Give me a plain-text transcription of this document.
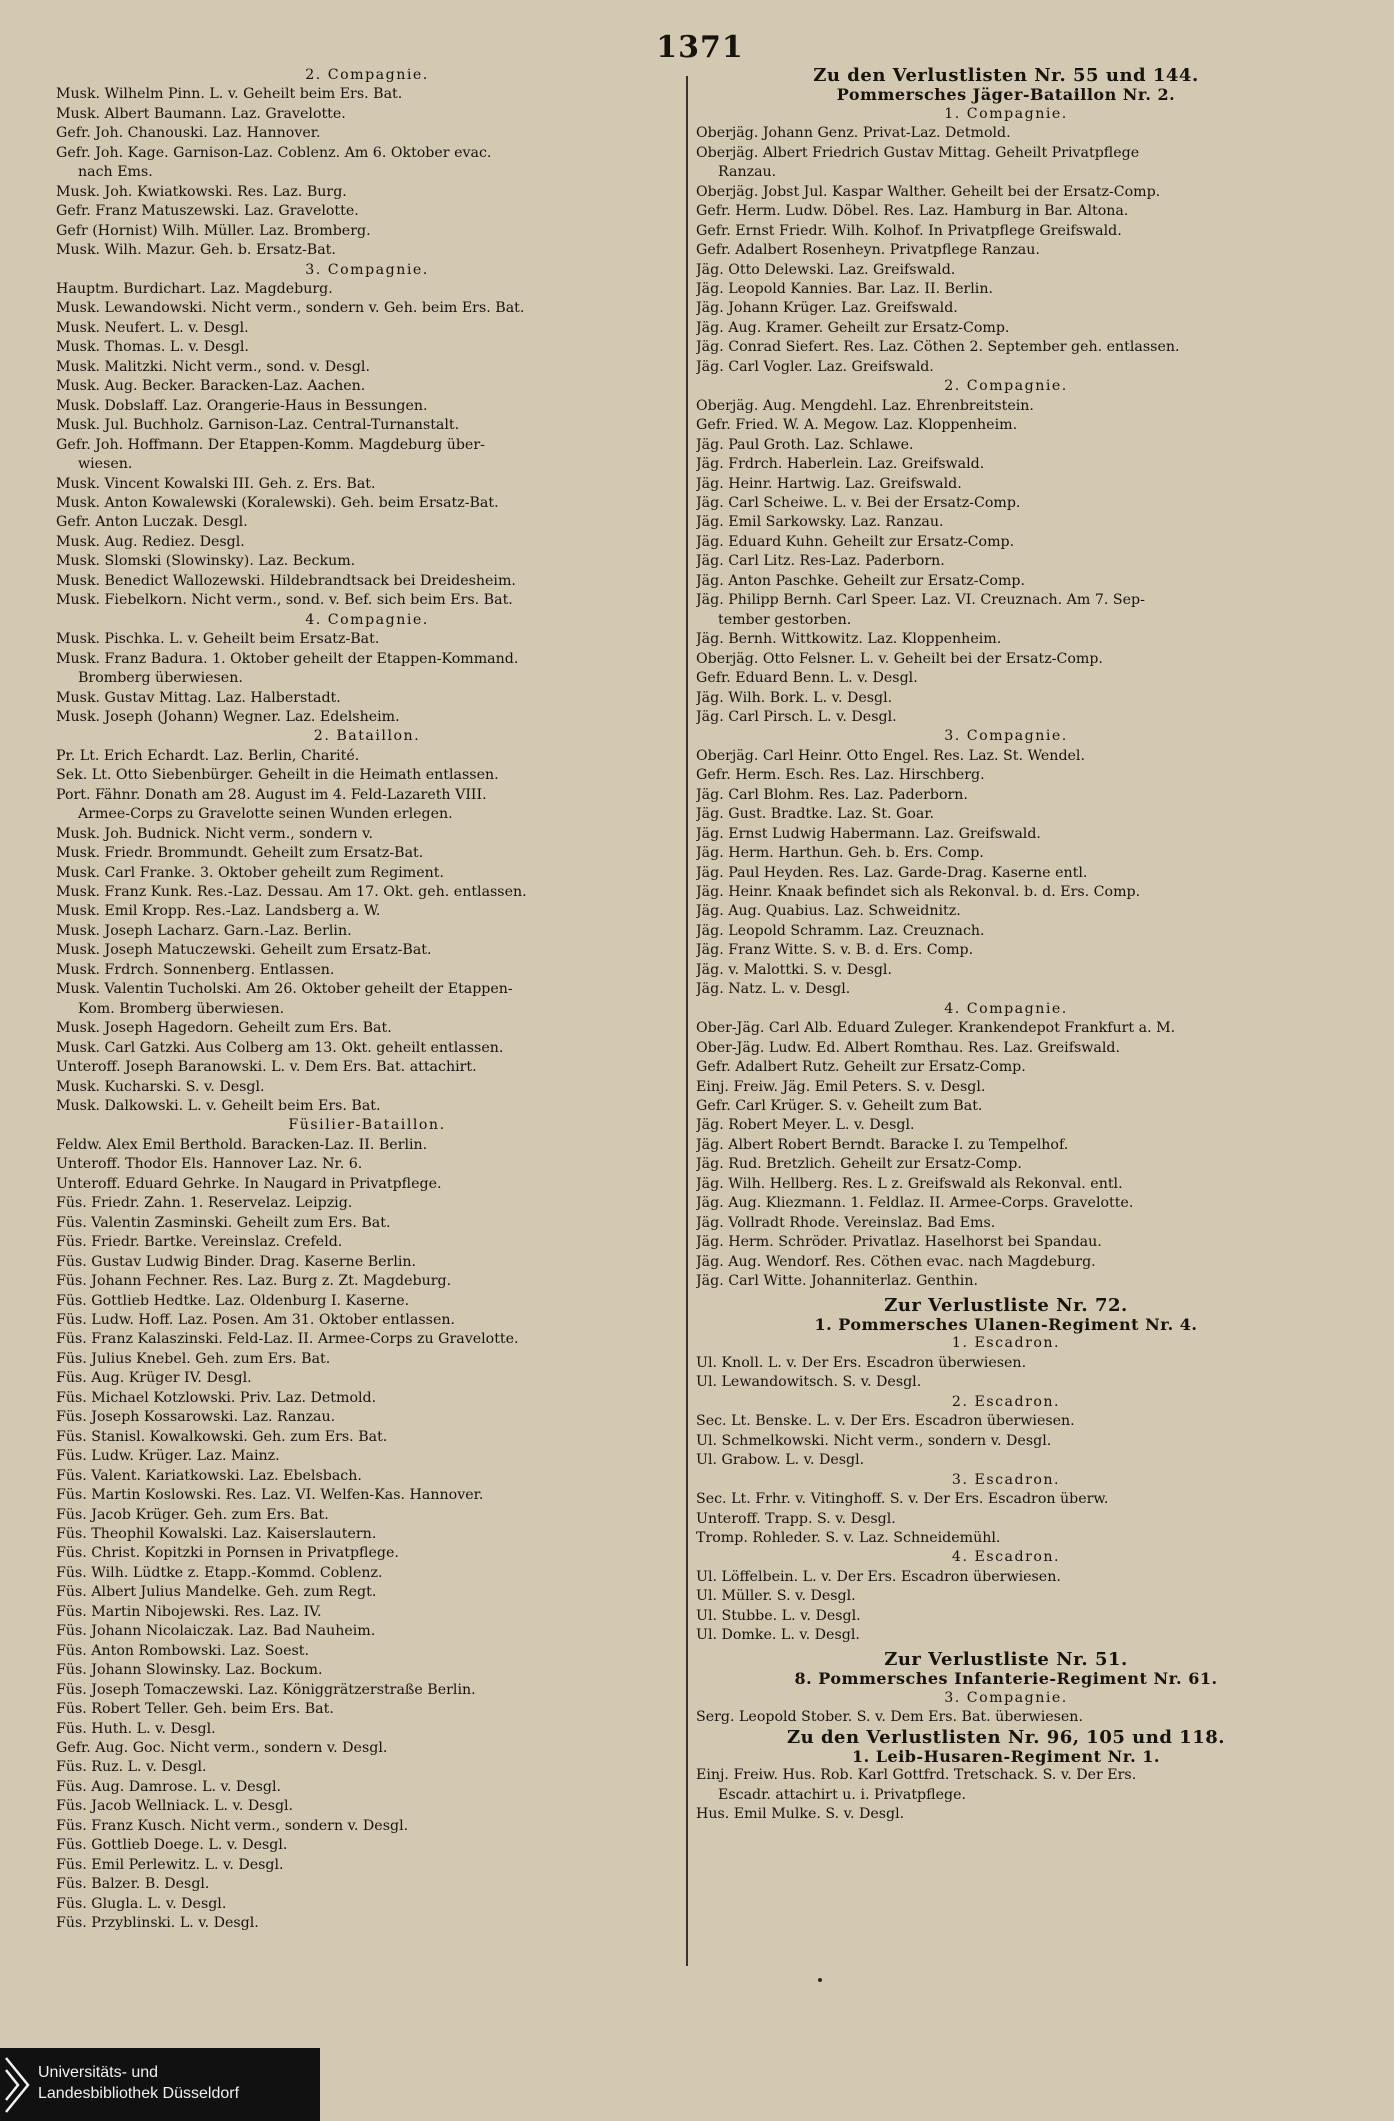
1371
2. Compagnie.
Musk. Wilhelm Pinn. L. v. Geheilt beim Ers. Bat.
Musk. Albert Baumann. Laz. Gravelotte.
Gefr. Joh. Chanouski. Laz. Hannover.
Gefr. Joh. Kage. Garnison-Laz. Coblenz. Am 6. Oktober evac.
nach Ems.
Musk. Joh. Kwiatkowski. Res. Laz. Burg.
Gefr. Franz Matuszewski. Laz. Gravelotte.
Gefr (Hornist) Wilh. Müller. Laz. Bromberg.
Musk. Wilh. Mazur. Geh. b. Ersatz-Bat.
3. Compagnie.
Hauptm. Burdichart. Laz. Magdeburg.
Musk. Lewandowski. Nicht verm., sondern v. Geh. beim Ers. Bat.
Musk. Neufert. L. v. Desgl.
Musk. Thomas. L. v. Desgl.
Musk. Malitzki. Nicht verm., sond. v. Desgl.
Musk. Aug. Becker. Baracken-Laz. Aachen.
Musk. Dobslaff. Laz. Orangerie-Haus in Bessungen.
Musk. Jul. Buchholz. Garnison-Laz. Central-Turnanstalt.
Gefr. Joh. Hoffmann. Der Etappen-Komm. Magdeburg über-
wiesen.
Musk. Vincent Kowalski III. Geh. z. Ers. Bat.
Musk. Anton Kowalewski (Koralewski). Geh. beim Ersatz-Bat.
Gefr. Anton Luczak. Desgl.
Musk. Aug. Rediez. Desgl.
Musk. Slomski (Slowinsky). Laz. Beckum.
Musk. Benedict Wallozewski. Hildebrandtsack bei Dreidesheim.
Musk. Fiebelkorn. Nicht verm., sond. v. Bef. sich beim Ers. Bat.
4. Compagnie.
Musk. Pischka. L. v. Geheilt beim Ersatz-Bat.
Musk. Franz Badura. 1. Oktober geheilt der Etappen-Kommand.
Bromberg überwiesen.
Musk. Gustav Mittag. Laz. Halberstadt.
Musk. Joseph (Johann) Wegner. Laz. Edelsheim.
2. Bataillon.
Pr. Lt. Erich Echardt. Laz. Berlin, Charité.
Sek. Lt. Otto Siebenbürger. Geheilt in die Heimath entlassen.
Port. Fähnr. Donath am 28. August im 4. Feld-Lazareth VIII.
Armee-Corps zu Gravelotte seinen Wunden erlegen.
Musk. Joh. Budnick. Nicht verm., sondern v.
Musk. Friedr. Brommundt. Geheilt zum Ersatz-Bat.
Musk. Carl Franke. 3. Oktober geheilt zum Regiment.
Musk. Franz Kunk. Res.-Laz. Dessau. Am 17. Okt. geh. entlassen.
Musk. Emil Kropp. Res.-Laz. Landsberg a. W.
Musk. Joseph Lacharz. Garn.-Laz. Berlin.
Musk. Joseph Matuczewski. Geheilt zum Ersatz-Bat.
Musk. Frdrch. Sonnenberg. Entlassen.
Musk. Valentin Tucholski. Am 26. Oktober geheilt der Etappen-
Kom. Bromberg überwiesen.
Musk. Joseph Hagedorn. Geheilt zum Ers. Bat.
Musk. Carl Gatzki. Aus Colberg am 13. Okt. geheilt entlassen.
Unteroff. Joseph Baranowski. L. v. Dem Ers. Bat. attachirt.
Musk. Kucharski. S. v. Desgl.
Musk. Dalkowski. L. v. Geheilt beim Ers. Bat.
Füsilier-Bataillon.
Feldw. Alex Emil Berthold. Baracken-Laz. II. Berlin.
Unteroff. Thodor Els. Hannover Laz. Nr. 6.
Unteroff. Eduard Gehrke. In Naugard in Privatpflege.
Füs. Friedr. Zahn. 1. Reservelaz. Leipzig.
Füs. Valentin Zasminski. Geheilt zum Ers. Bat.
Füs. Friedr. Bartke. Vereinslaz. Crefeld.
Füs. Gustav Ludwig Binder. Drag. Kaserne Berlin.
Füs. Johann Fechner. Res. Laz. Burg z. Zt. Magdeburg.
Füs. Gottlieb Hedtke. Laz. Oldenburg I. Kaserne.
Füs. Ludw. Hoff. Laz. Posen. Am 31. Oktober entlassen.
Füs. Franz Kalaszinski. Feld-Laz. II. Armee-Corps zu Gravelotte.
Füs. Julius Knebel. Geh. zum Ers. Bat.
Füs. Aug. Krüger IV. Desgl.
Füs. Michael Kotzlowski. Priv. Laz. Detmold.
Füs. Joseph Kossarowski. Laz. Ranzau.
Füs. Stanisl. Kowalkowski. Geh. zum Ers. Bat.
Füs. Ludw. Krüger. Laz. Mainz.
Füs. Valent. Kariatkowski. Laz. Ebelsbach.
Füs. Martin Koslowski. Res. Laz. VI. Welfen-Kas. Hannover.
Füs. Jacob Krüger. Geh. zum Ers. Bat.
Füs. Theophil Kowalski. Laz. Kaiserslautern.
Füs. Christ. Kopitzki in Pornsen in Privatpflege.
Füs. Wilh. Lüdtke z. Etapp.-Kommd. Coblenz.
Füs. Albert Julius Mandelke. Geh. zum Regt.
Füs. Martin Nibojewski. Res. Laz. IV.
Füs. Johann Nicolaiczak. Laz. Bad Nauheim.
Füs. Anton Rombowski. Laz. Soest.
Füs. Johann Slowinsky. Laz. Bockum.
Füs. Joseph Tomaczewski. Laz. Königgrätzerstraße Berlin.
Füs. Robert Teller. Geh. beim Ers. Bat.
Füs. Huth. L. v. Desgl.
Gefr. Aug. Goc. Nicht verm., sondern v. Desgl.
Füs. Ruz. L. v. Desgl.
Füs. Aug. Damrose. L. v. Desgl.
Füs. Jacob Wellniack. L. v. Desgl.
Füs. Franz Kusch. Nicht verm., sondern v. Desgl.
Füs. Gottlieb Doege. L. v. Desgl.
Füs. Emil Perlewitz. L. v. Desgl.
Füs. Balzer. B. Desgl.
Füs. Glugla. L. v. Desgl.
Füs. Przyblinski. L. v. Desgl.
Zu den Verlustlisten Nr. 55 und 144.
Pommersches Jäger-Bataillon Nr. 2.
1. Compagnie.
Oberjäg. Johann Genz. Privat-Laz. Detmold.
Oberjäg. Albert Friedrich Gustav Mittag. Geheilt Privatpflege
Ranzau.
Oberjäg. Jobst Jul. Kaspar Walther. Geheilt bei der Ersatz-Comp.
Gefr. Herm. Ludw. Döbel. Res. Laz. Hamburg in Bar. Altona.
Gefr. Ernst Friedr. Wilh. Kolhof. In Privatpflege Greifswald.
Gefr. Adalbert Rosenheyn. Privatpflege Ranzau.
Jäg. Otto Delewski. Laz. Greifswald.
Jäg. Leopold Kannies. Bar. Laz. II. Berlin.
Jäg. Johann Krüger. Laz. Greifswald.
Jäg. Aug. Kramer. Geheilt zur Ersatz-Comp.
Jäg. Conrad Siefert. Res. Laz. Cöthen 2. September geh. entlassen.
Jäg. Carl Vogler. Laz. Greifswald.
2. Compagnie.
Oberjäg. Aug. Mengdehl. Laz. Ehrenbreitstein.
Gefr. Fried. W. A. Megow. Laz. Kloppenheim.
Jäg. Paul Groth. Laz. Schlawe.
Jäg. Frdrch. Haberlein. Laz. Greifswald.
Jäg. Heinr. Hartwig. Laz. Greifswald.
Jäg. Carl Scheiwe. L. v. Bei der Ersatz-Comp.
Jäg. Emil Sarkowsky. Laz. Ranzau.
Jäg. Eduard Kuhn. Geheilt zur Ersatz-Comp.
Jäg. Carl Litz. Res-Laz. Paderborn.
Jäg. Anton Paschke. Geheilt zur Ersatz-Comp.
Jäg. Philipp Bernh. Carl Speer. Laz. VI. Creuznach. Am 7. Sep-
tember gestorben.
Jäg. Bernh. Wittkowitz. Laz. Kloppenheim.
Oberjäg. Otto Felsner. L. v. Geheilt bei der Ersatz-Comp.
Gefr. Eduard Benn. L. v. Desgl.
Jäg. Wilh. Bork. L. v. Desgl.
Jäg. Carl Pirsch. L. v. Desgl.
3. Compagnie.
Oberjäg. Carl Heinr. Otto Engel. Res. Laz. St. Wendel.
Gefr. Herm. Esch. Res. Laz. Hirschberg.
Jäg. Carl Blohm. Res. Laz. Paderborn.
Jäg. Gust. Bradtke. Laz. St. Goar.
Jäg. Ernst Ludwig Habermann. Laz. Greifswald.
Jäg. Herm. Harthun. Geh. b. Ers. Comp.
Jäg. Paul Heyden. Res. Laz. Garde-Drag. Kaserne entl.
Jäg. Heinr. Knaak befindet sich als Rekonval. b. d. Ers. Comp.
Jäg. Aug. Quabius. Laz. Schweidnitz.
Jäg. Leopold Schramm. Laz. Creuznach.
Jäg. Franz Witte. S. v. B. d. Ers. Comp.
Jäg. v. Malottki. S. v. Desgl.
Jäg. Natz. L. v. Desgl.
4. Compagnie.
Ober-Jäg. Carl Alb. Eduard Zuleger. Krankendepot Frankfurt a. M.
Ober-Jäg. Ludw. Ed. Albert Romthau. Res. Laz. Greifswald.
Gefr. Adalbert Rutz. Geheilt zur Ersatz-Comp.
Einj. Freiw. Jäg. Emil Peters. S. v. Desgl.
Gefr. Carl Krüger. S. v. Geheilt zum Bat.
Jäg. Robert Meyer. L. v. Desgl.
Jäg. Albert Robert Berndt. Baracke I. zu Tempelhof.
Jäg. Rud. Bretzlich. Geheilt zur Ersatz-Comp.
Jäg. Wilh. Hellberg. Res. L z. Greifswald als Rekonval. entl.
Jäg. Aug. Kliezmann. 1. Feldlaz. II. Armee-Corps. Gravelotte.
Jäg. Vollradt Rhode. Vereinslaz. Bad Ems.
Jäg. Herm. Schröder. Privatlaz. Haselhorst bei Spandau.
Jäg. Aug. Wendorf. Res. Cöthen evac. nach Magdeburg.
Jäg. Carl Witte. Johanniterlaz. Genthin.
Zur Verlustliste Nr. 72.
1. Pommersches Ulanen-Regiment Nr. 4.
1. Escadron.
Ul. Knoll. L. v. Der Ers. Escadron überwiesen.
Ul. Lewandowitsch. S. v. Desgl.
2. Escadron.
Sec. Lt. Benske. L. v. Der Ers. Escadron überwiesen.
Ul. Schmelkowski. Nicht verm., sondern v. Desgl.
Ul. Grabow. L. v. Desgl.
3. Escadron.
Sec. Lt. Frhr. v. Vitinghoff. S. v. Der Ers. Escadron überw.
Unteroff. Trapp. S. v. Desgl.
Tromp. Rohleder. S. v. Laz. Schneidemühl.
4. Escadron.
Ul. Löffelbein. L. v. Der Ers. Escadron überwiesen.
Ul. Müller. S. v. Desgl.
Ul. Stubbe. L. v. Desgl.
Ul. Domke. L. v. Desgl.
Zur Verlustliste Nr. 51.
8. Pommersches Infanterie-Regiment Nr. 61.
3. Compagnie.
Serg. Leopold Stober. S. v. Dem Ers. Bat. überwiesen.
Zu den Verlustlisten Nr. 96, 105 und 118.
1. Leib-Husaren-Regiment Nr. 1.
Einj. Freiw. Hus. Rob. Karl Gottfrd. Tretschack. S. v. Der Ers.
Escadr. attachirt u. i. Privatpflege.
Hus. Emil Mulke. S. v. Desgl.
Universitäts- und
Landesbibliothek Düsseldorf
